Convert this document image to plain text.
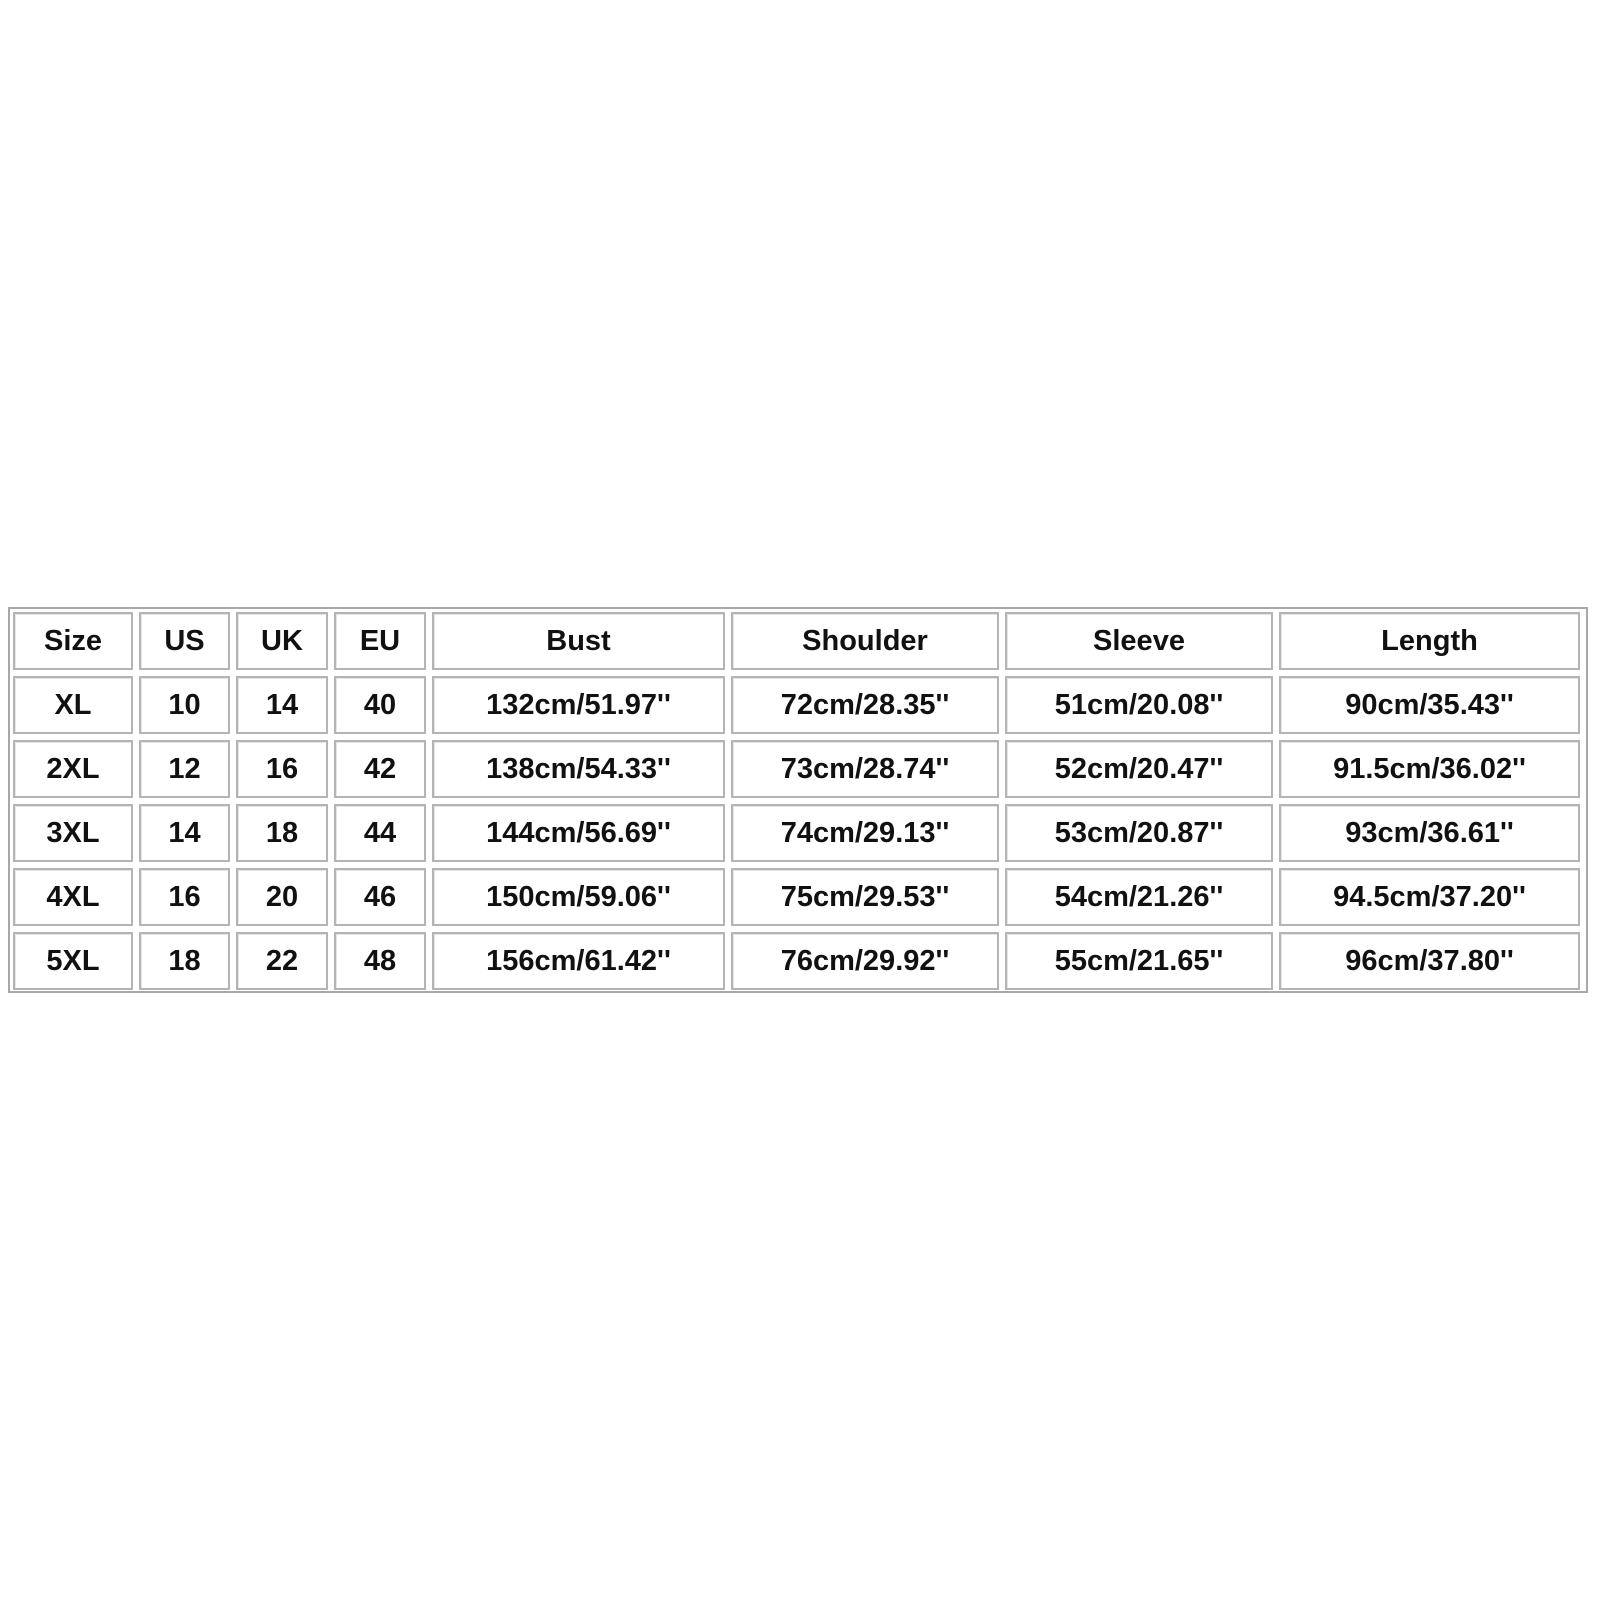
Size	US	UK	EU	Bust	Shoulder	Sleeve	Length
XL	10	14	40	132cm/51.97''	72cm/28.35''	51cm/20.08''	90cm/35.43''
2XL	12	16	42	138cm/54.33''	73cm/28.74''	52cm/20.47''	91.5cm/36.02''
3XL	14	18	44	144cm/56.69''	74cm/29.13''	53cm/20.87''	93cm/36.61''
4XL	16	20	46	150cm/59.06''	75cm/29.53''	54cm/21.26''	94.5cm/37.20''
5XL	18	22	48	156cm/61.42''	76cm/29.92''	55cm/21.65''	96cm/37.80''
